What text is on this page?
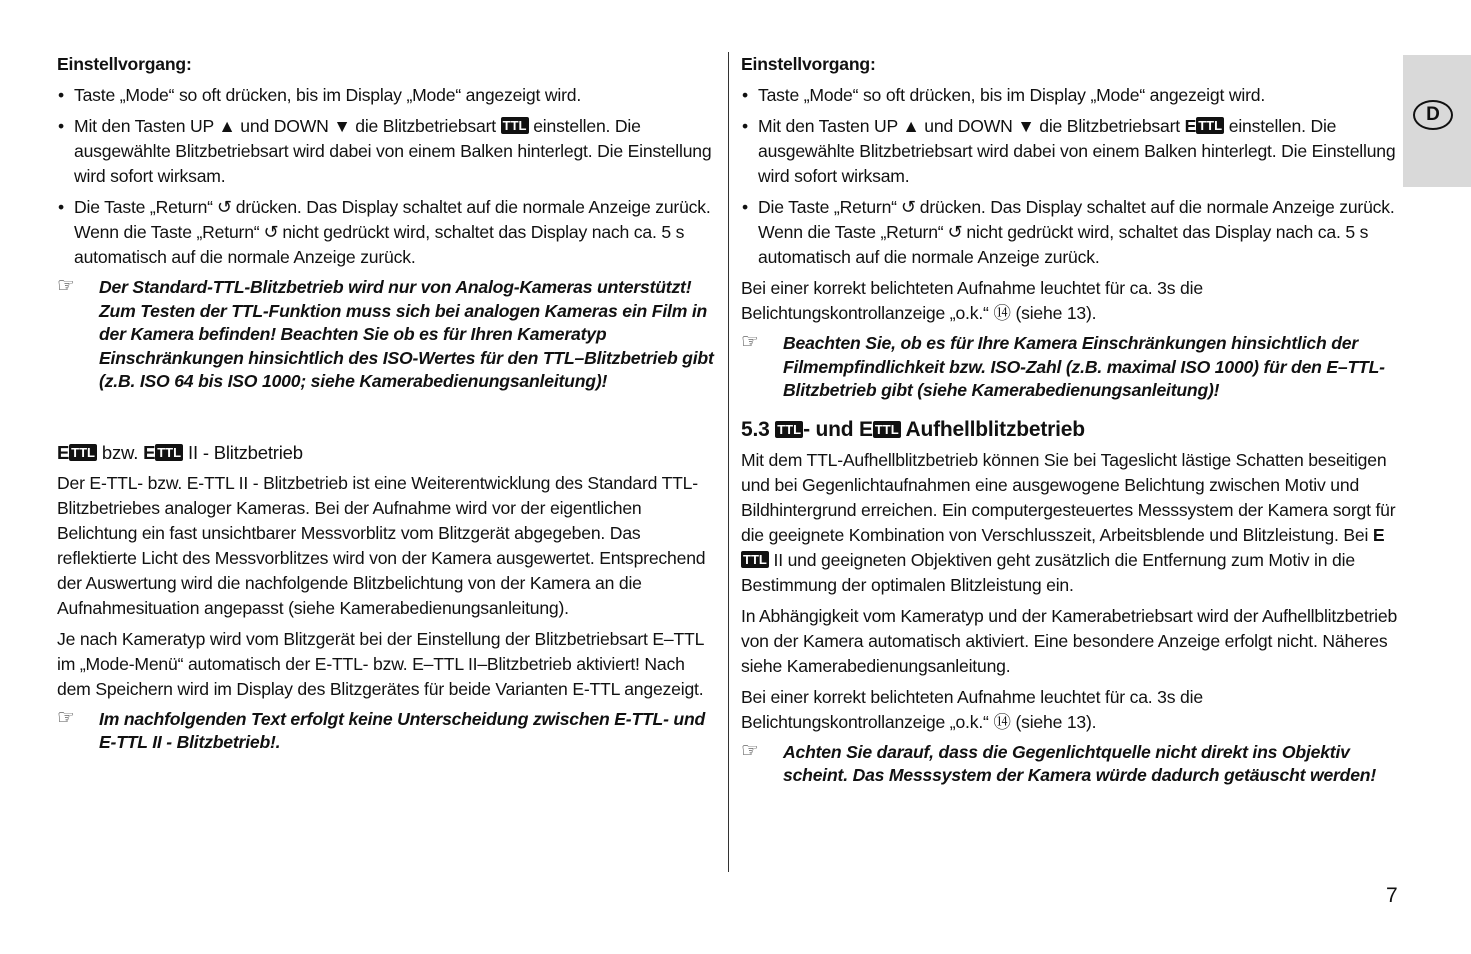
D
Einstellvorgang:
• Taste „Mode“ so oft drücken, bis im Display „Mode“ angezeigt wird.
• Mit den Tasten UP ▲ und DOWN ▼ die Blitzbetriebsart TTL einstellen. Die ausgewählte Blitzbetriebsart wird dabei von einem Balken hinterlegt. Die Einstellung wird sofort wirksam.
• Die Taste „Return“ ↺ drücken. Das Display schaltet auf die normale Anzeige zurück. Wenn die Taste „Return“ ↺ nicht gedrückt wird, schaltet das Display nach ca. 5 s automatisch auf die normale Anzeige zurück.
☞ Der Standard-TTL-Blitzbetrieb wird nur von Analog-Kameras unterstützt! Zum Testen der TTL-Funktion muss sich bei analogen Kameras ein Film in der Kamera befinden! Beachten Sie ob es für Ihren Kameratyp Einschränkungen hinsichtlich des ISO-Wertes für den TTL–Blitzbetrieb gibt (z.B. ISO 64 bis ISO 1000; siehe Kamerabedienungsanleitung)!
E TTL bzw. E TTL II - Blitzbetrieb

Der E-TTL- bzw. E-TTL II - Blitzbetrieb ist eine Weiterentwicklung des Standard TTL-Blitzbetriebes analoger Kameras. Bei der Aufnahme wird vor der eigentlichen Belichtung ein fast unsichtbarer Messvorblitz vom Blitzgerät abgegeben. Das reflektierte Licht des Messvorblitzes wird von der Kamera ausgewertet. Entsprechend der Auswertung wird die nachfolgende Blitzbelichtung von der Kamera an die Aufnahmesituation angepasst (siehe Kamerabedienungsanleitung).

Je nach Kameratyp wird vom Blitzgerät bei der Einstellung der Blitzbetriebsart E–TTL im „Mode-Menü“ automatisch der E-TTL- bzw. E–TTL II–Blitzbetrieb aktiviert! Nach dem Speichern wird im Display des Blitzgerätes für beide Varianten E-TTL angezeigt.

☞ Im nachfolgenden Text erfolgt keine Unterscheidung zwischen E-TTL- und E-TTL II - Blitzbetrieb!.
Einstellvorgang:
• Taste „Mode“ so oft drücken, bis im Display „Mode“ angezeigt wird.
• Mit den Tasten UP ▲ und DOWN ▼ die Blitzbetriebsart E TTL einstellen. Die ausgewählte Blitzbetriebsart wird dabei von einem Balken hinterlegt. Die Einstellung wird sofort wirksam.
• Die Taste „Return“ ↺ drücken. Das Display schaltet auf die normale Anzeige zurück. Wenn die Taste „Return“ ↺ nicht gedrückt wird, schaltet das Display nach ca. 5 s automatisch auf die normale Anzeige zurück.

Bei einer korrekt belichteten Aufnahme leuchtet für ca. 3s die Belichtungskontrollanzeige „o.k.“ ⑭ (siehe 13).

☞ Beachten Sie, ob es für Ihre Kamera Einschränkungen hinsichtlich der Filmempfindlichkeit bzw. ISO-Zahl (z.B. maximal ISO 1000) für den E–TTL-Blitzbetrieb gibt (siehe Kamerabedienungsanleitung)!
5.3 TTL- und E TTL Aufhellblitzbetrieb

Mit dem TTL-Aufhellblitzbetrieb können Sie bei Tageslicht lästige Schatten beseitigen und bei Gegenlichtaufnahmen eine ausgewogene Belichtung zwischen Motiv und Bildhintergrund erreichen. Ein computergesteuertes Messsystem der Kamera sorgt für die geeignete Kombination von Verschlusszeit, Arbeitsblende und Blitzleistung. Bei ETTL II und geeigneten Objektiven geht zusätzlich die Entfernung zum Motiv in die Bestimmung der optimalen Blitzleistung ein.

In Abhängigkeit vom Kameratyp und der Kamerabetriebsart wird der Aufhellblitzbetrieb von der Kamera automatisch aktiviert. Eine besondere Anzeige erfolgt nicht. Näheres siehe Kamerabedienungsanleitung.

Bei einer korrekt belichteten Aufnahme leuchtet für ca. 3s die Belichtungskontrollanzeige „o.k.“ ⑭ (siehe 13).

☞ Achten Sie darauf, dass die Gegenlichtquelle nicht direkt ins Objektiv scheint. Das Messsystem der Kamera würde dadurch getäuscht werden!
7
